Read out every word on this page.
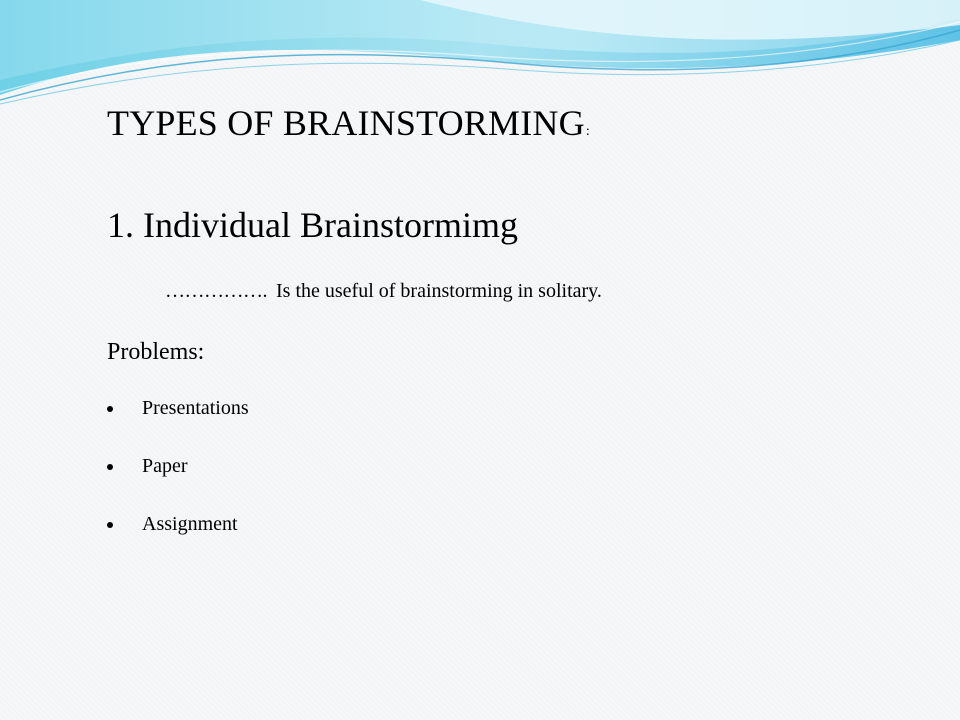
TYPES OF BRAINSTORMING:
1. Individual Brainstormimg
……………. Is the useful of brainstorming in solitary.
Problems:
Presentations
Paper
Assignment
